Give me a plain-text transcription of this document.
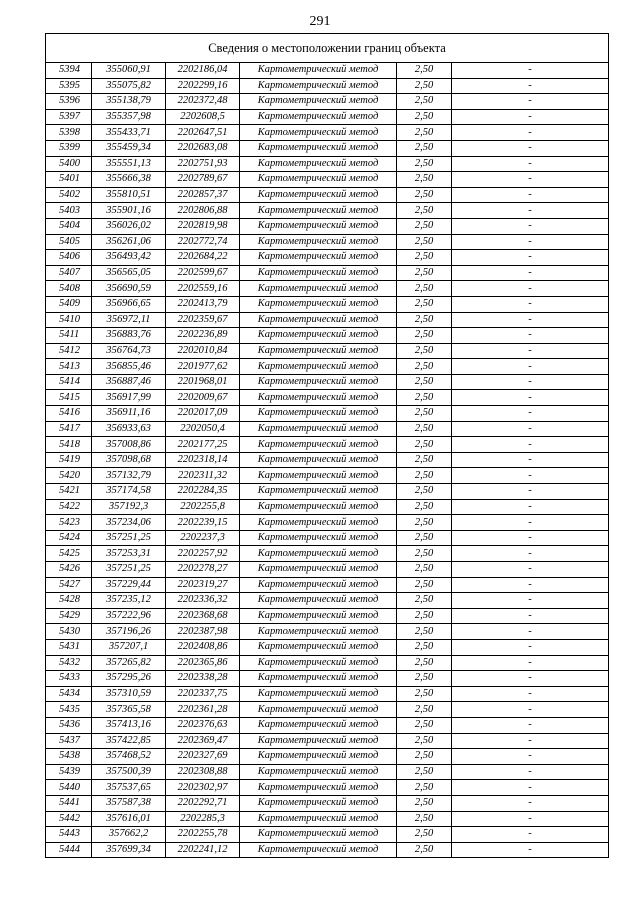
291
Сведения о местоположении границ объекта					
5394	355060,91	2202186,04	Картометрический метод	2,50	-
5395	355075,82	2202299,16	Картометрический метод	2,50	-
5396	355138,79	2202372,48	Картометрический метод	2,50	-
5397	355357,98	2202608,5	Картометрический метод	2,50	-
5398	355433,71	2202647,51	Картометрический метод	2,50	-
5399	355459,34	2202683,08	Картометрический метод	2,50	-
5400	355551,13	2202751,93	Картометрический метод	2,50	-
5401	355666,38	2202789,67	Картометрический метод	2,50	-
5402	355810,51	2202857,37	Картометрический метод	2,50	-
5403	355901,16	2202806,88	Картометрический метод	2,50	-
5404	356026,02	2202819,98	Картометрический метод	2,50	-
5405	356261,06	2202772,74	Картометрический метод	2,50	-
5406	356493,42	2202684,22	Картометрический метод	2,50	-
5407	356565,05	2202599,67	Картометрический метод	2,50	-
5408	356690,59	2202559,16	Картометрический метод	2,50	-
5409	356966,65	2202413,79	Картометрический метод	2,50	-
5410	356972,11	2202359,67	Картометрический метод	2,50	-
5411	356883,76	2202236,89	Картометрический метод	2,50	-
5412	356764,73	2202010,84	Картометрический метод	2,50	-
5413	356855,46	2201977,62	Картометрический метод	2,50	-
5414	356887,46	2201968,01	Картометрический метод	2,50	-
5415	356917,99	2202009,67	Картометрический метод	2,50	-
5416	356911,16	2202017,09	Картометрический метод	2,50	-
5417	356933,63	2202050,4	Картометрический метод	2,50	-
5418	357008,86	2202177,25	Картометрический метод	2,50	-
5419	357098,68	2202318,14	Картометрический метод	2,50	-
5420	357132,79	2202311,32	Картометрический метод	2,50	-
5421	357174,58	2202284,35	Картометрический метод	2,50	-
5422	357192,3	2202255,8	Картометрический метод	2,50	-
5423	357234,06	2202239,15	Картометрический метод	2,50	-
5424	357251,25	2202237,3	Картометрический метод	2,50	-
5425	357253,31	2202257,92	Картометрический метод	2,50	-
5426	357251,25	2202278,27	Картометрический метод	2,50	-
5427	357229,44	2202319,27	Картометрический метод	2,50	-
5428	357235,12	2202336,32	Картометрический метод	2,50	-
5429	357222,96	2202368,68	Картометрический метод	2,50	-
5430	357196,26	2202387,98	Картометрический метод	2,50	-
5431	357207,1	2202408,86	Картометрический метод	2,50	-
5432	357265,82	2202365,86	Картометрический метод	2,50	-
5433	357295,26	2202338,28	Картометрический метод	2,50	-
5434	357310,59	2202337,75	Картометрический метод	2,50	-
5435	357365,58	2202361,28	Картометрический метод	2,50	-
5436	357413,16	2202376,63	Картометрический метод	2,50	-
5437	357422,85	2202369,47	Картометрический метод	2,50	-
5438	357468,52	2202327,69	Картометрический метод	2,50	-
5439	357500,39	2202308,88	Картометрический метод	2,50	-
5440	357537,65	2202302,97	Картометрический метод	2,50	-
5441	357587,38	2202292,71	Картометрический метод	2,50	-
5442	357616,01	2202285,3	Картометрический метод	2,50	-
5443	357662,2	2202255,78	Картометрический метод	2,50	-
5444	357699,34	2202241,12	Картометрический метод	2,50	-
